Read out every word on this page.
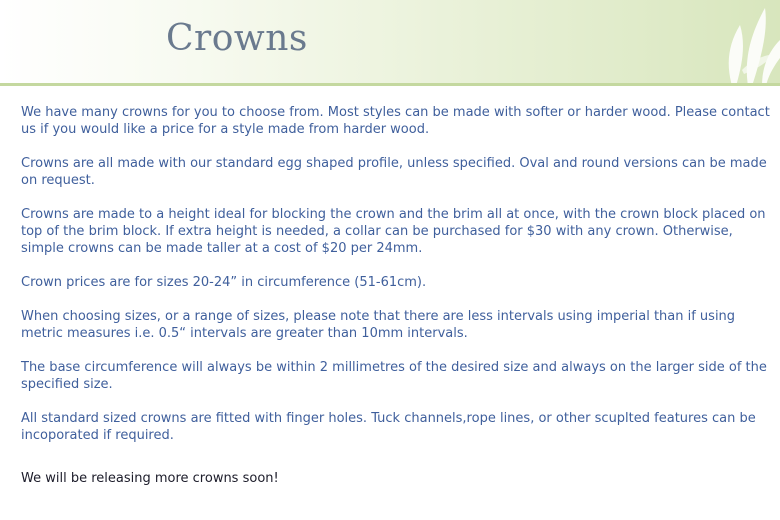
Crowns

We have many crowns for you to choose from. Most styles can be made with softer or harder wood. Please contact us if you would like a price for a style made from harder wood.

Crowns are all made with our standard egg shaped profile, unless specified. Oval and round versions can be made on request.

Crowns are made to a height ideal for blocking the crown and the brim all at once, with the crown block placed on top of the brim block. If extra height is needed, a collar can be purchased for $30 with any crown. Otherwise, simple crowns can be made taller at a cost of $20 per 24mm.

Crown prices are for sizes 20-24” in circumference (51-61cm).

When choosing sizes, or a range of sizes, please note that there are less intervals using imperial than if using metric measures i.e. 0.5“ intervals are greater than 10mm intervals.

The base circumference will always be within 2 millimetres of the desired size and always on the larger side of the specified size.

All standard sized crowns are fitted with finger holes. Tuck channels,rope lines, or other scuplted features can be incoporated if required.

We will be releasing more crowns soon!
